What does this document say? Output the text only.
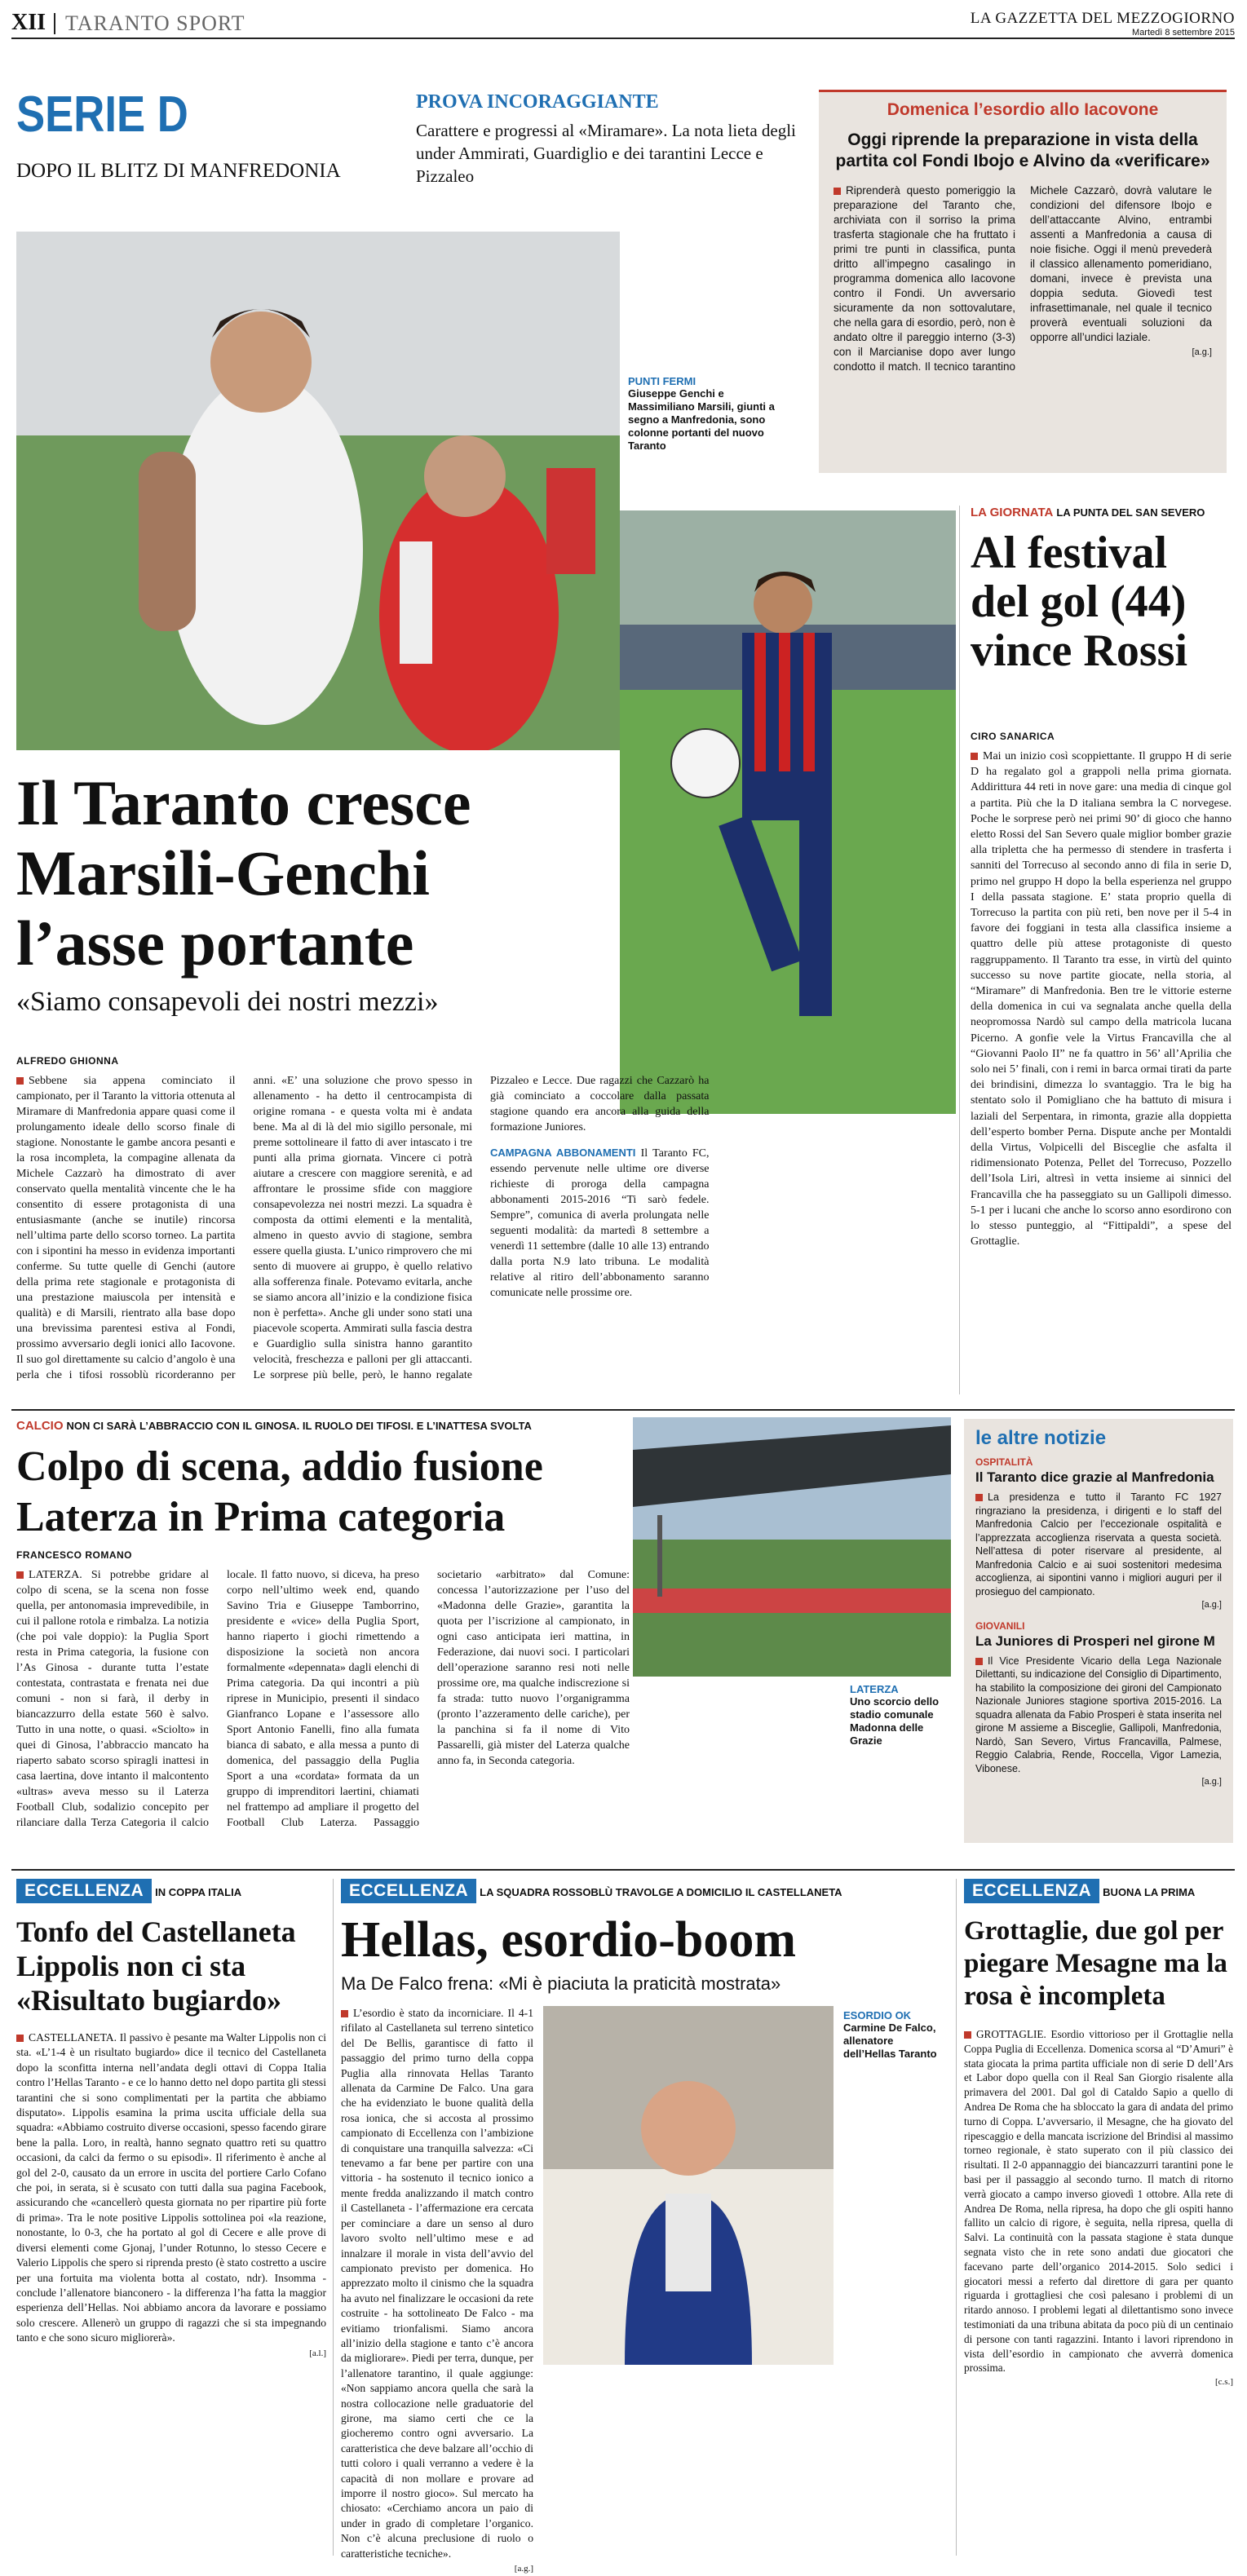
XII TARANTO SPORT	LA GAZZETTA DEL MEZZOGIORNO
Martedì 8 settembre 2015
SERIE D
DOPO IL BLITZ DI MANFREDONIA
PROVA INCORAGGIANTE
Carattere e progressi al «Miramare». La nota lieta degli under Ammirati, Guardiglio e dei tarantini Lecce e Pizzaleo
Domenica l’esordio allo Iacovone
Oggi riprende la preparazione in vista della partita col Fondi Ibojo e Alvino da «verificare»
Riprenderà questo pomeriggio la preparazione del Taranto che, archiviata con il sorriso la prima trasferta stagionale che ha fruttato i primi tre punti in classifica, punta dritto all’impegno casalingo in programma domenica allo Iacovone contro il Fondi. Un avversario sicuramente da non sottovalutare, che nella gara di esordio, però, non è andato oltre il pareggio interno (3-3) con il Marcianise dopo aver lungo condotto il match. Il tecnico tarantino Michele Cazzarò, dovrà valutare le condizioni del difensore Ibojo e dell’attaccante Alvino, entrambi assenti a Manfredonia a causa di noie fisiche. Oggi il menù prevederà il classico allenamento pomeridiano, domani, invece è prevista una doppia seduta. Giovedì test infrasettimanale, nel quale il tecnico proverà eventuali soluzioni da opporre all’undici laziale.
[a.g.]
PUNTI FERMI
Giuseppe Genchi e Massimiliano Marsili, giunti a segno a Manfredonia, sono colonne portanti del nuovo Taranto
Il Taranto cresce
Marsili-Genchi
l’asse portante
«Siamo consapevoli dei nostri mezzi»
LA GIORNATA LA PUNTA DEL SAN SEVERO
Al festival del gol (44) vince Rossi
CIRO SANARICA
Mai un inizio così scoppiettante. Il gruppo H di serie D ha regalato gol a grappoli nella prima giornata. Addirittura 44 reti in nove gare: una media di cinque gol a partita. Più che la D italiana sembra la C norvegese. Poche le sorprese però nei primi 90’ di gioco che hanno eletto Rossi del San Severo quale miglior bomber grazie alla tripletta che ha permesso di stendere in trasferta i sanniti del Torrecuso al secondo anno di fila in serie D, primo nel gruppo H dopo la bella esperienza nel gruppo I della passata stagione. E’ stata proprio quella di Torrecuso la partita con più reti, ben nove per il 5-4 in favore dei foggiani in testa alla classifica insieme a quattro delle più attese protagoniste di questo raggruppamento. Il Taranto tra esse, in virtù del quinto successo su nove partite giocate, nella storia, al “Miramare” di Manfredonia. Ben tre le vittorie esterne della domenica in cui va segnalata anche quella della neopromossa Nardò sul campo della matricola lucana Picerno. A gonfie vele la Virtus Francavilla che al “Giovanni Paolo II” ne fa quattro in 56’ all’Aprilia che solo nei 5’ finali, con i remi in barca ormai tirati da parte dei brindisini, dimezza lo svantaggio. Tra le big ha stentato solo il Pomigliano che ha battuto di misura i laziali del Serpentara, in rimonta, grazie alla doppietta dell’esperto bomber Perna. Dispute anche per Montaldi della Virtus, Volpicelli del Bisceglie che asfalta il ridimensionato Potenza, Pellet del Torrecuso, Pozzello dell’Isola Liri, altresì in vetta insieme ai sinnici del Francavilla che ha passeggiato su un Gallipoli dimesso. 5-1 per i lucani che anche lo scorso anno esordirono con lo stesso punteggio, al “Fittipaldi”, a spese del Grottaglie.
ALFREDO GHIONNA
Sebbene sia appena cominciato il campionato, per il Taranto la vittoria ottenuta al Miramare di Manfredonia appare quasi come il prolungamento ideale dello scorso finale di stagione. Nonostante le gambe ancora pesanti e la rosa incompleta, la compagine allenata da Michele Cazzarò ha dimostrato di aver conservato quella mentalità vincente che le ha consentito di essere protagonista di una entusiasmante (anche se inutile) rincorsa nell’ultima parte dello scorso torneo. La partita con i sipontini ha messo in evidenza importanti conferme. Su tutte quelle di Genchi (autore della prima rete stagionale e protagonista di una prestazione maiuscola per intensità e qualità) e di Marsili, rientrato alla base dopo una brevissima parentesi estiva al Fondi, prossimo avversario degli ionici allo Iacovone. Il suo gol direttamente su calcio d’angolo è una perla che i tifosi rossoblù ricorderanno per anni. «E’ una soluzione che provo spesso in allenamento - ha detto il centrocampista di origine romana - e questa volta mi è andata bene. Ma al di là del mio sigillo personale, mi preme sottolineare il fatto di aver intascato i tre punti alla prima giornata. Vincere ci potrà aiutare a crescere con maggiore serenità, e ad affrontare le prossime sfide con maggiore consapevolezza nei nostri mezzi. La squadra è composta da ottimi elementi e la mentalità, almeno in questo avvio di stagione, sembra essere quella giusta. L’unico rimprovero che mi sento di muovere ai gruppo, è quello relativo alla sofferenza finale. Potevamo evitarla, anche se siamo ancora all’inizio e la condizione fisica non è perfetta». Anche gli under sono stati una piacevole scoperta. Ammirati sulla fascia destra e Guardiglio sulla sinistra hanno garantito velocità, freschezza e palloni per gli attaccanti. Le sorprese più belle, però, le hanno regalate Pizzaleo e Lecce. Due ragazzi che Cazzarò ha già cominciato a coccolare dalla passata stagione quando era ancora alla guida della formazione Juniores.
CAMPAGNA ABBONAMENTI Il Taranto FC, essendo pervenute nelle ultime ore diverse richieste di proroga della campagna abbonamenti 2015-2016 “Ti sarò fedele. Sempre”, comunica di averla prolungata nelle seguenti modalità: da martedì 8 settembre a venerdì 11 settembre (dalle 10 alle 13) entrando dalla porta N.9 lato tribuna. Le modalità relative al ritiro dell’abbonamento saranno comunicate nelle prossime ore.
CALCIO NON CI SARÀ L’ABBRACCIO CON IL GINOSA. IL RUOLO DEI TIFOSI. E L’INATTESA SVOLTA
Colpo di scena, addio fusione
Laterza in Prima categoria
FRANCESCO ROMANO
LATERZA. Si potrebbe gridare al colpo di scena, se la scena non fosse quella, per antonomasia imprevedibile, in cui il pallone rotola e rimbalza. La notizia (che poi vale doppio): la Puglia Sport resta in Prima categoria, la fusione con l’As Ginosa - durante tutta l’estate contestata, contrastata e frenata nei due comuni - non si farà, il derby in biancazzurro della estate 560 è salvo. Tutto in una notte, o quasi. «Sciolto» in quei di Ginosa, l’abbraccio mancato ha riaperto sabato scorso spiragli inattesi in casa laertina, dove intanto il malcontento «ultras» aveva messo su il Laterza Football Club, sodalizio concepito per rilanciare dalla Terza Categoria il calcio locale. Il fatto nuovo, si diceva, ha preso corpo nell’ultimo week end, quando Savino Tria e Giuseppe Tamborrino, presidente e «vice» della Puglia Sport, hanno riaperto i giochi rimettendo a disposizione la società non ancora formalmente «depennata» dagli elenchi di Prima categoria. Da qui incontri a più riprese in Municipio, presenti il sindaco Gianfranco Lopane e l’assessore allo Sport Antonio Fanelli, fino alla fumata bianca di sabato, e alla messa a punto di domenica, del passaggio della Puglia Sport a una «cordata» formata da un gruppo di imprenditori laertini, chiamati nel frattempo ad ampliare il progetto del Football Club Laterza. Passaggio societario «arbitrato» dal Comune: concessa l’autorizzazione per l’uso del «Madonna delle Grazie», garantita la quota per l’iscrizione al campionato, in ogni caso anticipata ieri mattina, in Federazione, dai nuovi soci. I particolari dell’operazione saranno resi noti nelle prossime ore, ma qualche indiscrezione si fa strada: tutto nuovo l’organigramma (pronto l’azzeramento delle cariche), per la panchina si fa il nome di Vito Passarelli, già mister del Laterza qualche anno fa, in Seconda categoria.
LATERZA
Uno scorcio dello stadio comunale Madonna delle Grazie
le altre notizie
OSPITALITÀ
Il Taranto dice grazie al Manfredonia
La presidenza e tutto il Taranto FC 1927 ringraziano la presidenza, i dirigenti e lo staff del Manfredonia Calcio per l’eccezionale ospitalità e l’apprezzata accoglienza riservata a questa società. Nell’attesa di poter riservare al presidente, al Manfredonia Calcio e ai suoi sostenitori medesima accoglienza, ai sipontini vanno i migliori auguri per il prosieguo del campionato.
[a.g.]
GIOVANILI
La Juniores di Prosperi nel girone M
Il Vice Presidente Vicario della Lega Nazionale Dilettanti, su indicazione del Consiglio di Dipartimento, ha stabilito la composizione dei gironi del Campionato Nazionale Juniores stagione sportiva 2015-2016. La squadra allenata da Fabio Prosperi è stata inserita nel girone M assieme a Bisceglie, Gallipoli, Manfredonia, Nardò, San Severo, Virtus Francavilla, Palmese, Reggio Calabria, Rende, Roccella, Vigor Lamezia, Vibonese.
[a.g.]
ECCELLENZA IN COPPA ITALIA
Tonfo del Castellaneta Lippolis non ci sta «Risultato bugiardo»
CASTELLANETA. Il passivo è pesante ma Walter Lippolis non ci sta. «L’1-4 è un risultato bugiardo» dice il tecnico del Castellaneta dopo la sconfitta interna nell’andata degli ottavi di Coppa Italia contro l’Hellas Taranto - e ce lo hanno detto nel dopo partita gli stessi tarantini che si sono complimentati per la partita che abbiamo disputato». Lippolis esamina la prima uscita ufficiale della sua squadra: «Abbiamo costruito diverse occasioni, spesso facendo girare bene la palla. Loro, in realtà, hanno segnato quattro reti su quattro occasioni, da calci da fermo o su episodi». Il riferimento è anche al gol del 2-0, causato da un errore in uscita del portiere Carlo Cofano che poi, in serata, si è scusato con tutti dalla sua pagina Facebook, assicurando che «cancellerò questa giornata no per ripartire più forte di prima». Tra le note positive Lippolis sottolinea poi «la reazione, nonostante, lo 0-3, che ha portato al gol di Cecere e alle prove di diversi elementi come Gjonaj, l’under Rotunno, lo stesso Cecere e Valerio Lippolis che spero si riprenda presto (è stato costretto a uscire per una fortuita ma violenta botta al costato, ndr). Insomma - conclude l’allenatore bianconero - la differenza l’ha fatta la maggior esperienza dell’Hellas. Noi abbiamo ancora da lavorare e possiamo solo crescere. Allenerò un gruppo di ragazzi che si sta impegnando tanto e che sono sicuro migliorerà».
[a.l.]
ECCELLENZA LA SQUADRA ROSSOBLÙ TRAVOLGE A DOMICILIO IL CASTELLANETA
Hellas, esordio-boom
Ma De Falco frena: «Mi è piaciuta la praticità mostrata»
L’esordio è stato da incorniciare. Il 4-1 rifilato al Castellaneta sul terreno sintetico del De Bellis, garantisce di fatto il passaggio del primo turno della coppa Puglia alla rinnovata Hellas Taranto allenata da Carmine De Falco. Una gara che ha evidenziato le buone qualità della rosa ionica, che si accosta al prossimo campionato di Eccellenza con l’ambizione di conquistare una tranquilla salvezza: «Ci tenevamo a far bene per partire con una vittoria - ha sostenuto il tecnico ionico a mente fredda analizzando il match contro il Castellaneta - l’affermazione era cercata per cominciare a dare un senso al duro lavoro svolto nell’ultimo mese e ad innalzare il morale in vista dell’avvio del campionato previsto per domenica. Ho apprezzato molto il cinismo che la squadra ha avuto nel finalizzare le occasioni da rete costruite - ha sottolineato De Falco - ma evitiamo trionfalismi. Siamo ancora all’inizio della stagione e tanto c’è ancora da migliorare». Piedi per terra, dunque, per l’allenatore tarantino, il quale aggiunge: «Non sappiamo ancora quella che sarà la nostra collocazione nelle graduatorie del girone, ma siamo certi che ce la giocheremo contro ogni avversario. La caratteristica che deve balzare all’occhio di tutti coloro i quali verranno a vedere è la capacità di non mollare e provare ad imporre il nostro gioco». Sul mercato ha chiosato: «Cerchiamo ancora un paio di under in grado di completare l’organico. Non c’è alcuna preclusione di ruolo o caratteristiche tecniche».
[a.g.]
ESORDIO OK
Carmine De Falco, allenatore dell’Hellas Taranto
ECCELLENZA BUONA LA PRIMA
Grottaglie, due gol per piegare Mesagne ma la rosa è incompleta
GROTTAGLIE. Esordio vittorioso per il Grottaglie nella Coppa Puglia di Eccellenza. Domenica scorsa al “D’Amuri” è stata giocata la prima partita ufficiale non di serie D dell’Ars et Labor dopo quella con il Real San Giorgio risalente alla primavera del 2001. Dal gol di Cataldo Sapio a quello di Andrea De Roma che ha sbloccato la gara di andata del primo turno di Coppa. L’avversario, il Mesagne, che ha giovato del ripescaggio e della mancata iscrizione del Brindisi al massimo torneo regionale, è stato superato con il più classico dei risultati. Il 2-0 appannaggio dei biancazzurri tarantini pone le basi per il passaggio al secondo turno. Il match di ritorno verrà giocato a campo inverso giovedì 1 ottobre. Alla rete di Andrea De Roma, nella ripresa, ha dopo che gli ospiti hanno fallito un calcio di rigore, è seguita, nella ripresa, quella di Salvi. La continuità con la passata stagione è stata dunque segnata visto che in rete sono andati due giocatori che facevano parte dell’organico 2014-2015. Solo sedici i giocatori messi a referto dal direttore di gara per quanto riguarda i grottagliesi che così palesano i problemi di un ritardo annoso. I problemi legati al dilettantismo sono invece testimoniati da una tribuna abitata da poco più di un centinaio di persone con tanti ragazzini. Intanto i lavori riprendono in vista dell’esordio in campionato che avverrà domenica prossima.
[c.s.]
